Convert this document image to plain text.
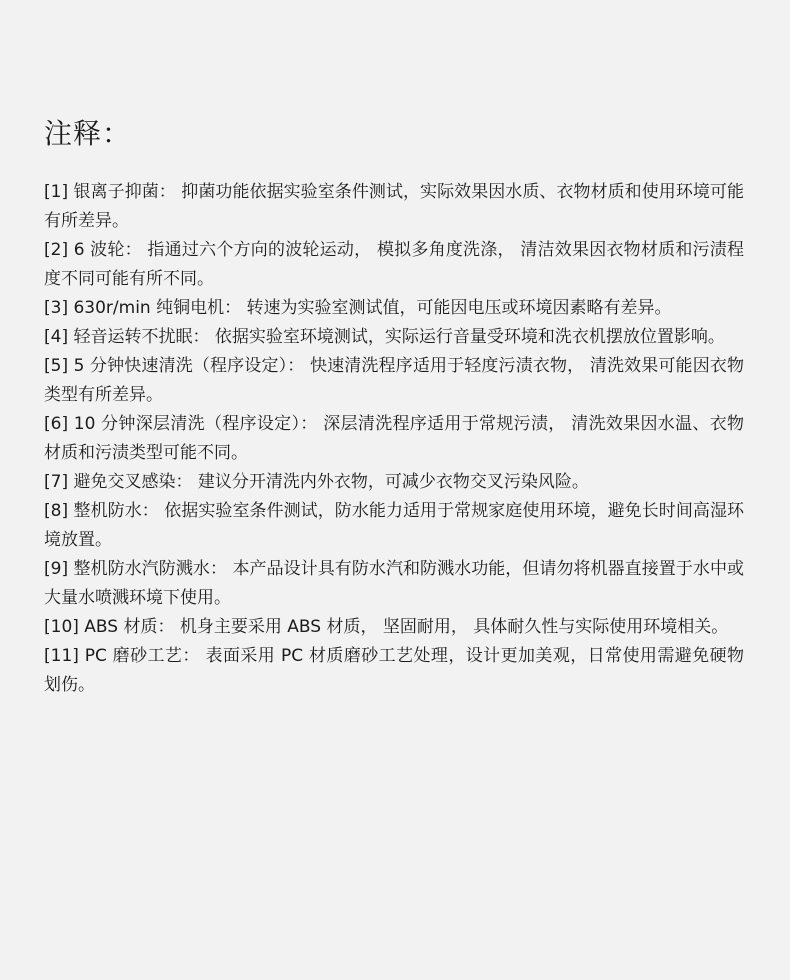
注释：
[1] 银离子抑菌： 抑菌功能依据实验室条件测试，实际效果因水质、衣物材质和使用环境可能有所差异。
[2] 6 波轮： 指通过六个方向的波轮运动， 模拟多角度洗涤， 清洁效果因衣物材质和污渍程度不同可能有所不同。
[3] 630r/min 纯铜电机： 转速为实验室测试值，可能因电压或环境因素略有差异。
[4] 轻音运转不扰眠： 依据实验室环境测试，实际运行音量受环境和洗衣机摆放位置影响。
[5] 5 分钟快速清洗（程序设定）： 快速清洗程序适用于轻度污渍衣物， 清洗效果可能因衣物类型有所差异。
[6] 10 分钟深层清洗（程序设定）： 深层清洗程序适用于常规污渍， 清洗效果因水温、衣物材质和污渍类型可能不同。
[7] 避免交叉感染： 建议分开清洗内外衣物，可减少衣物交叉污染风险。
[8] 整机防水： 依据实验室条件测试，防水能力适用于常规家庭使用环境，避免长时间高湿环境放置。
[9] 整机防水汽防溅水： 本产品设计具有防水汽和防溅水功能，但请勿将机器直接置于水中或大量水喷溅环境下使用。
[10] ABS 材质： 机身主要采用 ABS 材质， 坚固耐用， 具体耐久性与实际使用环境相关。
[11] PC 磨砂工艺： 表面采用 PC 材质磨砂工艺处理，设计更加美观，日常使用需避免硬物划伤。
